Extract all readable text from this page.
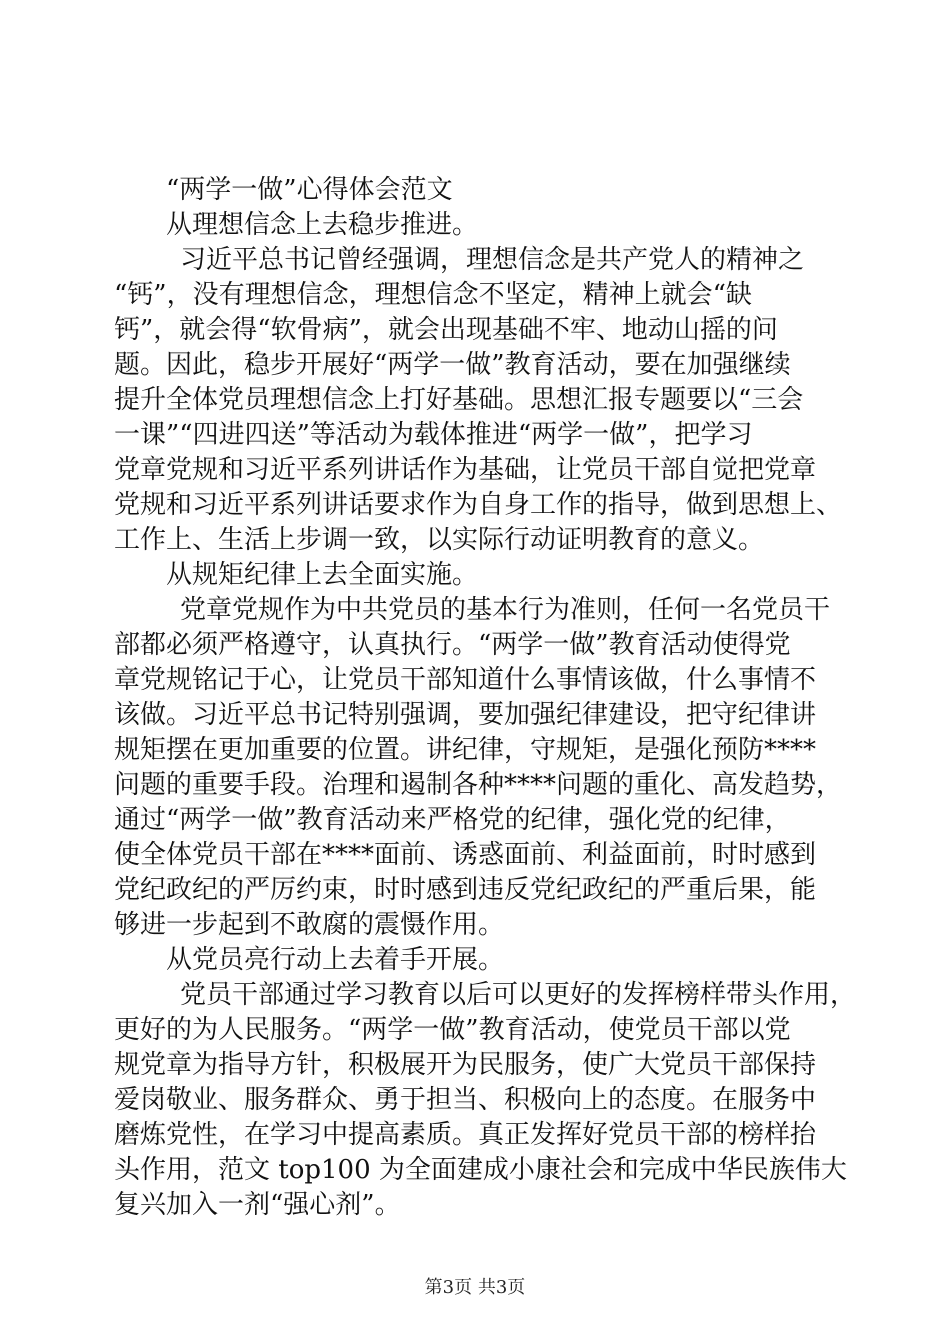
“两学一做”心得体会范文

从理想信念上去稳步推进。

习近平总书记曾经强调，理想信念是共产党人的精神之

“钙”，没有理想信念，理想信念不坚定，精神上就会“缺

钙”，就会得“软骨病”，就会出现基础不牢、地动山摇的问

题。因此，稳步开展好“两学一做”教育活动，要在加强继续

提升全体党员理想信念上打好基础。思想汇报专题要以“三会

一课”“四进四送”等活动为载体推进“两学一做”，把学习

党章党规和习近平系列讲话作为基础，让党员干部自觉把党章

党规和习近平系列讲话要求作为自身工作的指导，做到思想上、

工作上、生活上步调一致，以实际行动证明教育的意义。

从规矩纪律上去全面实施。

党章党规作为中共党员的基本行为准则，任何一名党员干

部都必须严格遵守，认真执行。“两学一做”教育活动使得党

章党规铭记于心，让党员干部知道什么事情该做，什么事情不

该做。习近平总书记特别强调，要加强纪律建设，把守纪律讲

规矩摆在更加重要的位置。讲纪律，守规矩，是强化预防****

问题的重要手段。治理和遏制各种****问题的重化、高发趋势，

通过“两学一做”教育活动来严格党的纪律，强化党的纪律，

使全体党员干部在****面前、诱惑面前、利益面前，时时感到

党纪政纪的严厉约束，时时感到违反党纪政纪的严重后果，能

够进一步起到不敢腐的震慑作用。

从党员亮行动上去着手开展。

党员干部通过学习教育以后可以更好的发挥榜样带头作用，

更好的为人民服务。“两学一做”教育活动，使党员干部以党

规党章为指导方针，积极展开为民服务，使广大党员干部保持

爱岗敬业、服务群众、勇于担当、积极向上的态度。在服务中

磨炼党性，在学习中提高素质。真正发挥好党员干部的榜样抬

头作用，范文 top100 为全面建成小康社会和完成中华民族伟大

复兴加入一剂“强心剂”。

第3页 共3页
